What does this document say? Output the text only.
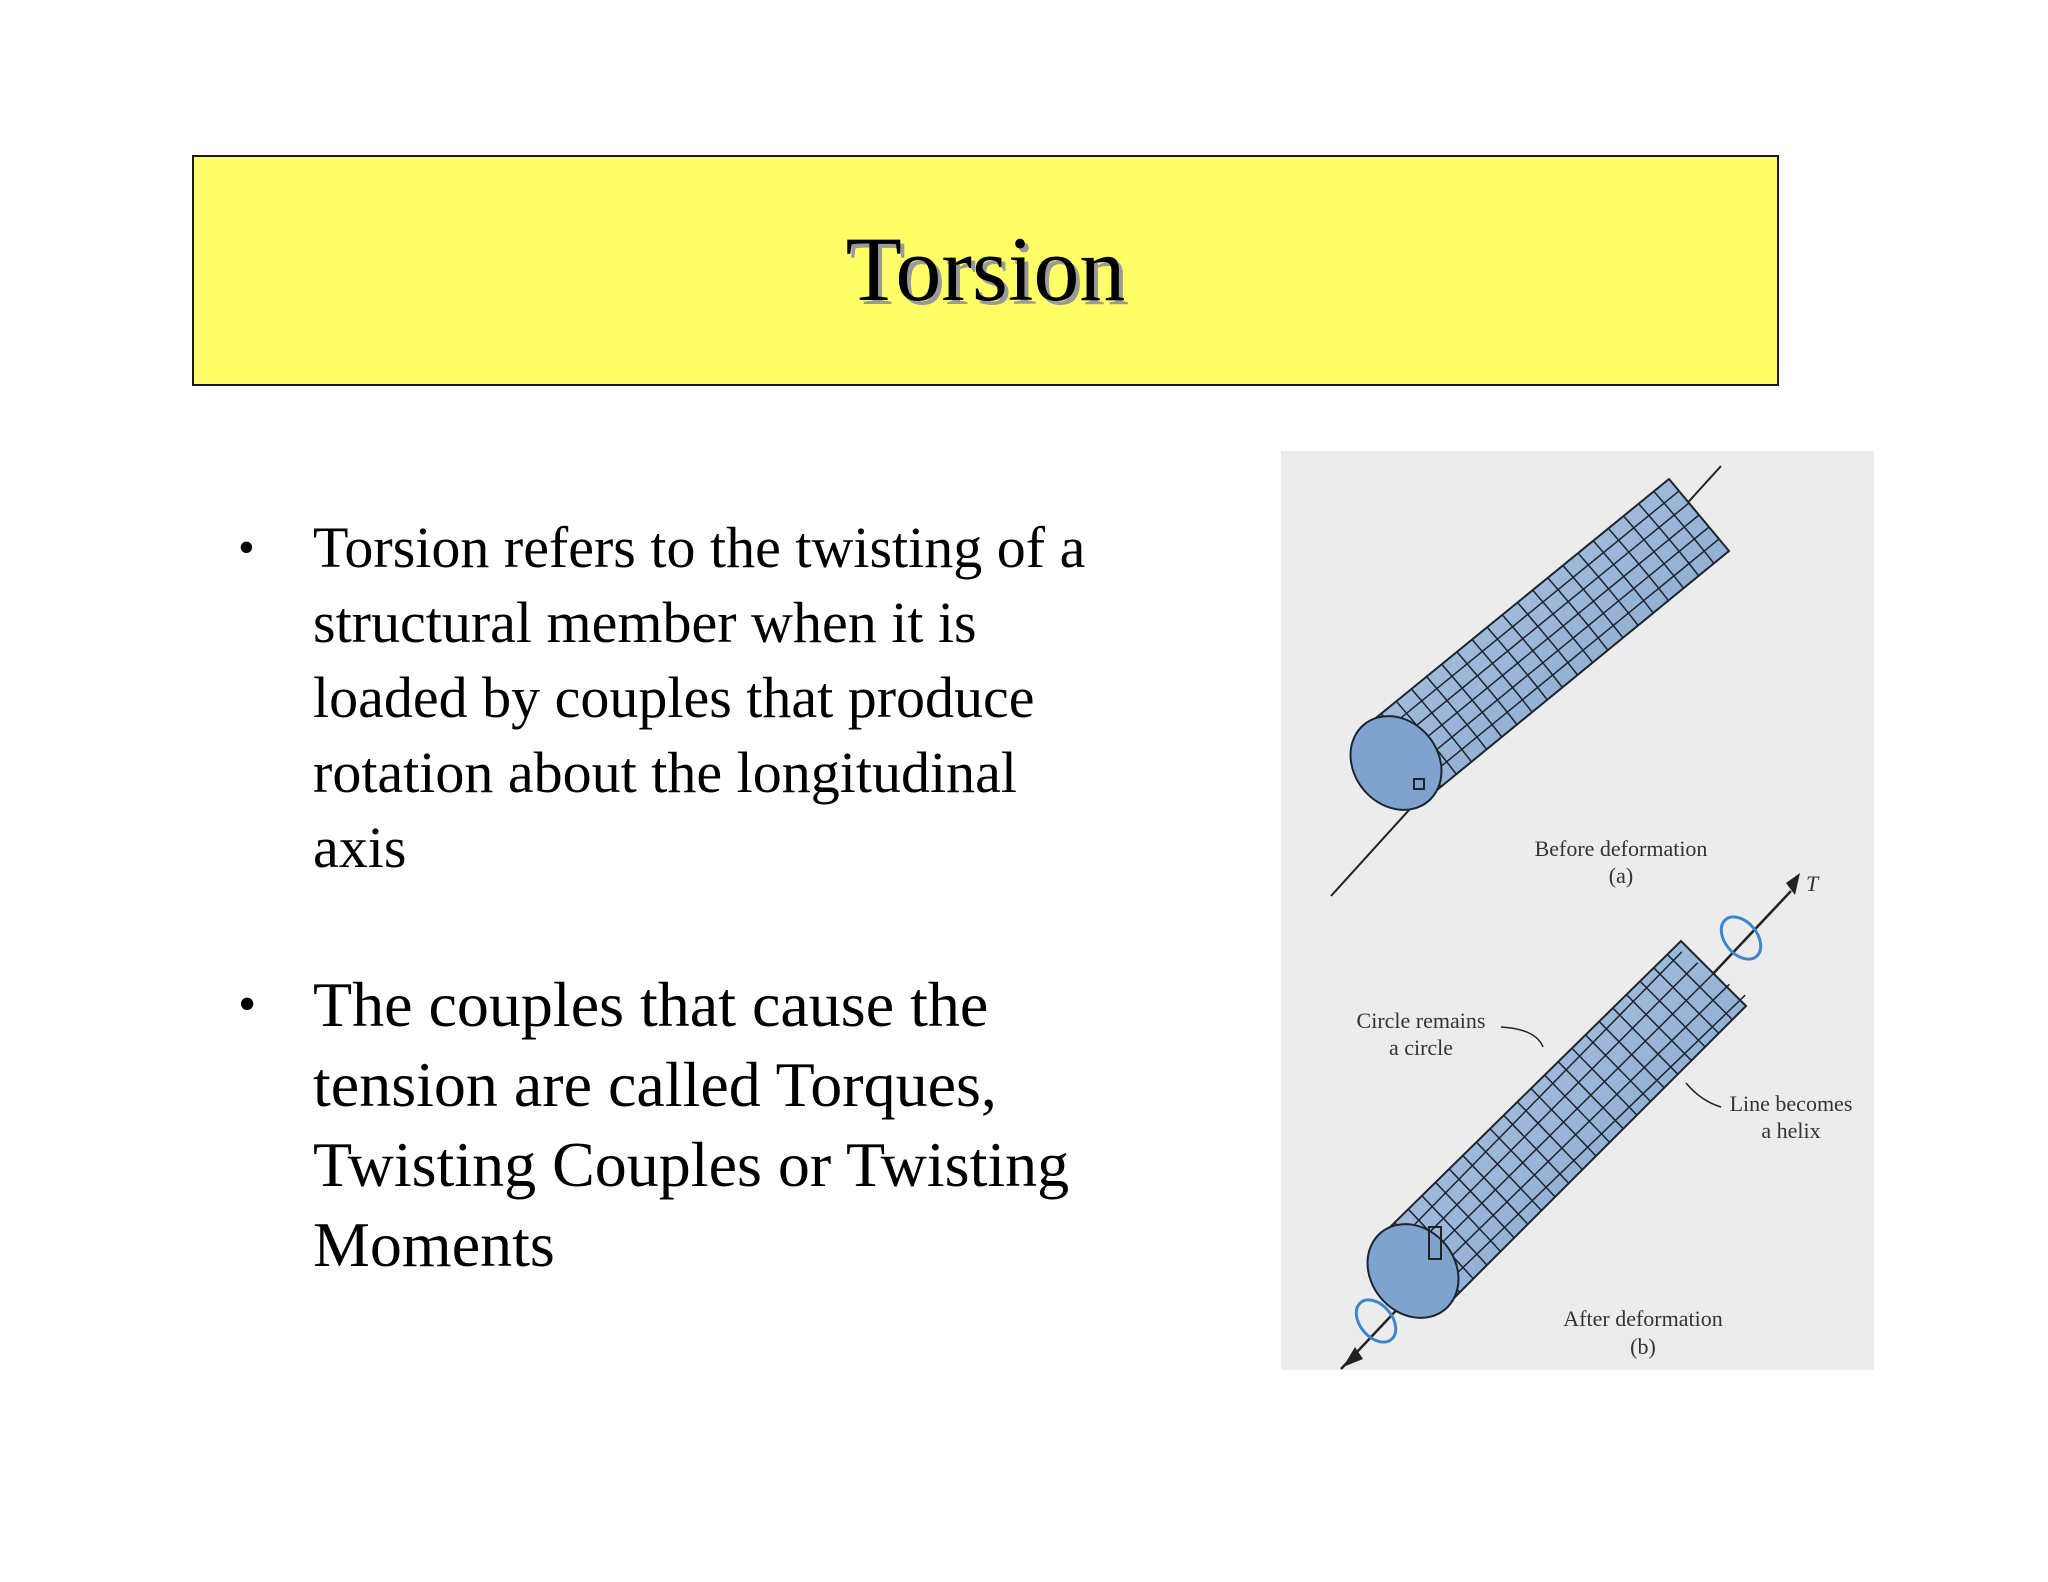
Torsion
• Torsion refers to the twisting of a structural member when it is loaded by couples that produce rotation about the longitudinal axis
• The couples that cause the tension are called Torques, Twisting Couples or Twisting Moments
Before deformation
(a)	T
Circle remains
a circle
Line becomes
a helix
After deformation
(b)
